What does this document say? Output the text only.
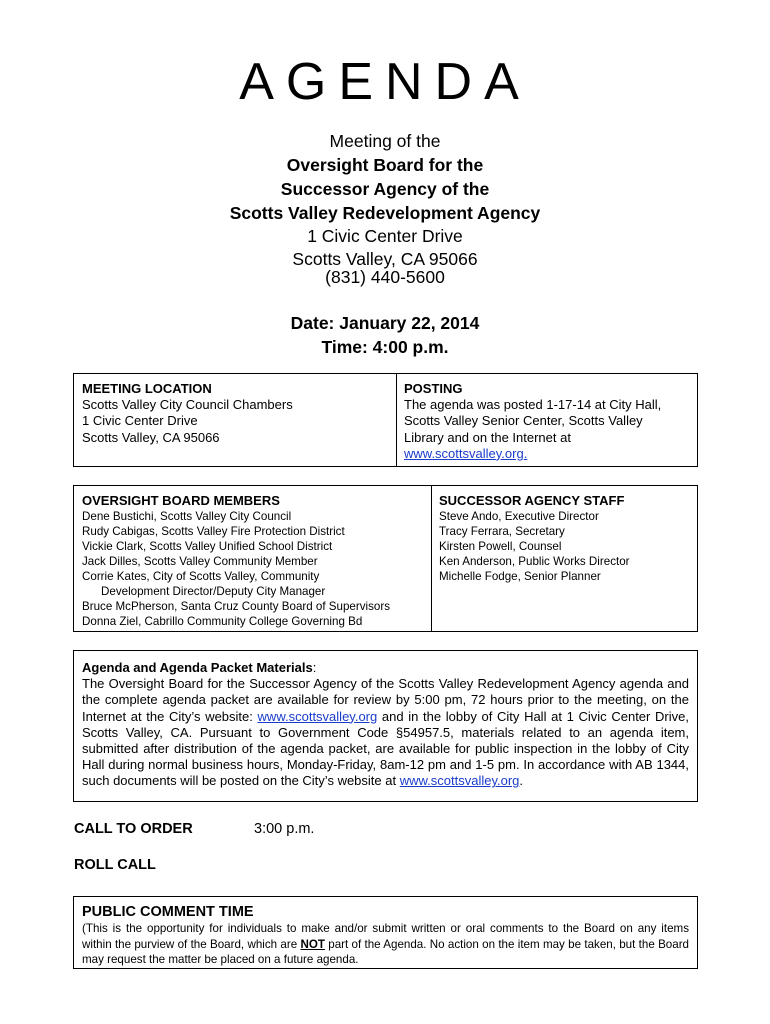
AGENDA
Meeting of the
Oversight Board for the
Successor Agency of the
Scotts Valley Redevelopment Agency
1 Civic Center Drive
Scotts Valley, CA 95066
(831) 440-5600
Date: January 22, 2014
Time: 4:00 p.m.
MEETING LOCATION
Scotts Valley City Council Chambers
1 Civic Center Drive
Scotts Valley, CA 95066
POSTING
The agenda was posted 1-17-14 at City Hall,
Scotts Valley Senior Center, Scotts Valley
Library and on the Internet at
www.scottsvalley.org.
OVERSIGHT BOARD MEMBERS
Dene Bustichi, Scotts Valley City Council
Rudy Cabigas, Scotts Valley Fire Protection District
Vickie Clark, Scotts Valley Unified School District
Jack Dilles, Scotts Valley Community Member
Corrie Kates, City of Scotts Valley, Community
Development Director/Deputy City Manager
Bruce McPherson, Santa Cruz County Board of Supervisors
Donna Ziel, Cabrillo Community College Governing Bd
SUCCESSOR AGENCY STAFF
Steve Ando, Executive Director
Tracy Ferrara, Secretary
Kirsten Powell, Counsel
Ken Anderson, Public Works Director
Michelle Fodge, Senior Planner
Agenda and Agenda Packet Materials:
The Oversight Board for the Successor Agency of the Scotts Valley Redevelopment Agency agenda and the complete agenda packet are available for review by 5:00 pm, 72 hours prior to the meeting, on the Internet at the City’s website: www.scottsvalley.org and in the lobby of City Hall at 1 Civic Center Drive, Scotts Valley, CA. Pursuant to Government Code §54957.5, materials related to an agenda item, submitted after distribution of the agenda packet, are available for public inspection in the lobby of City Hall during normal business hours, Monday-Friday, 8am-12 pm and 1-5 pm. In accordance with AB 1344, such documents will be posted on the City’s website at www.scottsvalley.org.
CALL TO ORDER	3:00 p.m.
ROLL CALL
PUBLIC COMMENT TIME
(This is the opportunity for individuals to make and/or submit written or oral comments to the Board on any items within the purview of the Board, which are NOT part of the Agenda. No action on the item may be taken, but the Board may request the matter be placed on a future agenda.
